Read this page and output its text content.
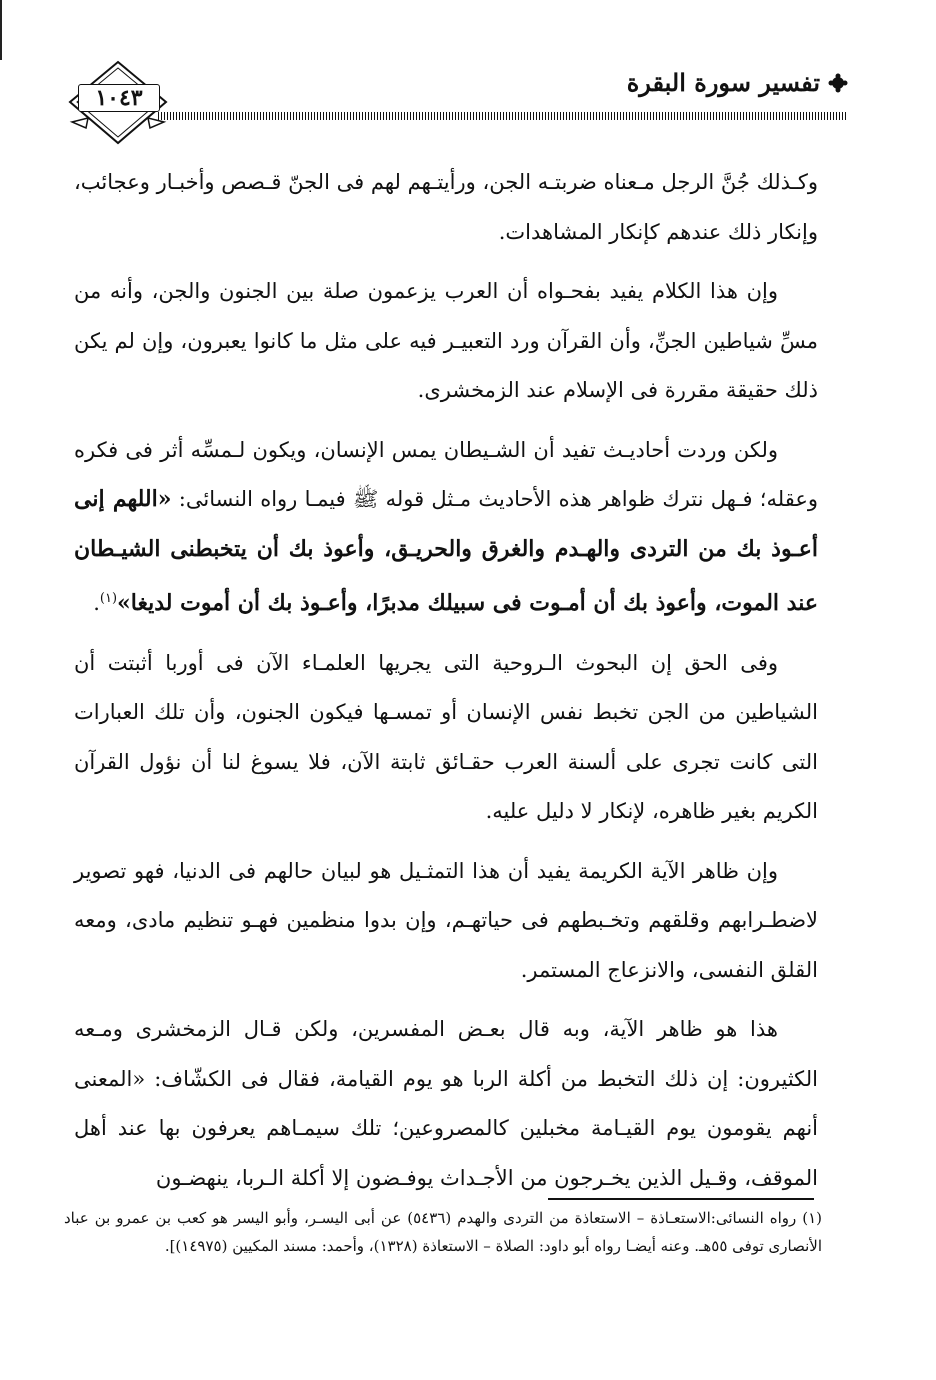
١٠٤٣
تفسير سورة البقرة

وكـذلك جُنَّ الرجل مـعناه ضربتـه الجن، ورأيتـهم لهم فى الجنّ قـصص وأخبـار وعجائب، وإنكار ذلك عندهم كإنكار المشاهدات.

وإن هذا الكلام يفيد بفحـواه أن العرب يزعمون صلة بين الجنون والجن، وأنه من مسِّ شياطين الجنِّ، وأن القرآن ورد التعبيـر فيه على مثل ما كانوا يعبرون، وإن لم يكن ذلك حقيقة مقررة فى الإسلام عند الزمخشرى.

ولكن وردت أحاديـث تفيد أن الشـيطان يمس الإنسان، ويكون لـمسِّه أثر فى فكره وعقله؛ فـهل نترك ظواهر هذه الأحاديث مـثل قوله ﷺ فيمـا رواه النسائى: «اللهم إنى أعـوذ بك من التردى والهـدم والغرق والحريـق، وأعوذ بك أن يتخبطنى الشيـطان عند الموت، وأعوذ بك أن أمـوت فى سبيلك مدبرًا، وأعـوذ بك أن أموت لديغا»$^{(١)}$.

وفى الحق إن البحوث الـروحية التى يجريها العلمـاء الآن فى أوربا أثبتت أن الشياطين من الجن تخبط نفس الإنسان أو تمسـها فيكون الجنون، وأن تلك العبارات التى كانت تجرى على ألسنة العرب حقـائق ثابتة الآن، فلا يسوغ لنا أن نؤول القرآن الكريم بغير ظاهره، لإنكار لا دليل عليه.

وإن ظاهر الآية الكريمة يفيد أن هذا التمثـيل هو لبيان حالهم فى الدنيا، فهو تصوير لاضطـرابهم وقلقهم وتخـبطهم فى حياتهـم، وإن بدوا منظمين فهـو تنظيم مادى، ومعه القلق النفسى، والانزعاج المستمر.

هذا هو ظاهر الآية، وبه قال بعـض المفسرين، ولكن قـال الزمخشرى ومـعه الكثيرون: إن ذلك التخبط من أكلة الربا هو يوم القيامة، فقال فى الكشّاف: «المعنى أنهم يقومون يوم القيـامة مخبلين كالمصروعين؛ تلك سيمـاهم يعرفون بها عند أهل الموقف، وقـيل الذين يخـرجون من الأجـداث يوفـضون إلا أكلة الـربا، ينهضـون

(١) رواه النسائى:الاستعـاذة – الاستعاذة من التردى والهدم (٥٤٣٦) عن أبى اليسـر، وأبو اليسر هو كعب بن عمرو بن عباد الأنصارى توفى ٥٥هـ. وعنه أيضـا رواه أبو داود: الصلاة – الاستعاذة (١٣٢٨)، وأحمد: مسند المكيين (١٤٩٧٥)].
